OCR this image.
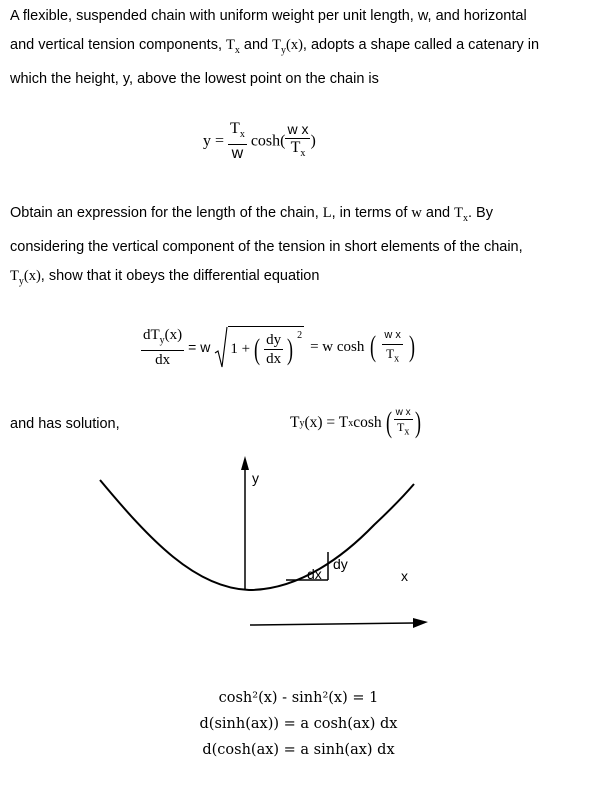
A flexible, suspended chain with uniform weight per unit length, w, and horizontal
and vertical tension components, $T_x$ and $T_y(x)$, adopts a shape called a catenary in
which the height, y, above the lowest point on the chain is
$y = \frac{T_x}{w} \cosh( \frac{\text{w x}}{T_x}$ )
Obtain an expression for the length of the chain, L, in terms of w and $T_x$. By
considering the vertical component of the tension in short elements of the chain,
$T_y(x)$, show that it obeys the differential equation
$\frac{dT_y(x)}{dx} = w$ 1 + ( $\frac{dy}{dx}$ ) $^2$
= w cosh ( $\frac{\text{w x}}{T_x}$ )
and has solution,	T y (x) = T x cosh ( $\frac{\text{w x}}{T_x}$ )
y
x
dx
dy
cosh²(x) - sinh²(x) = 1
d(sinh(ax)) = a cosh(ax) dx
d(cosh(ax) = a sinh(ax) dx
